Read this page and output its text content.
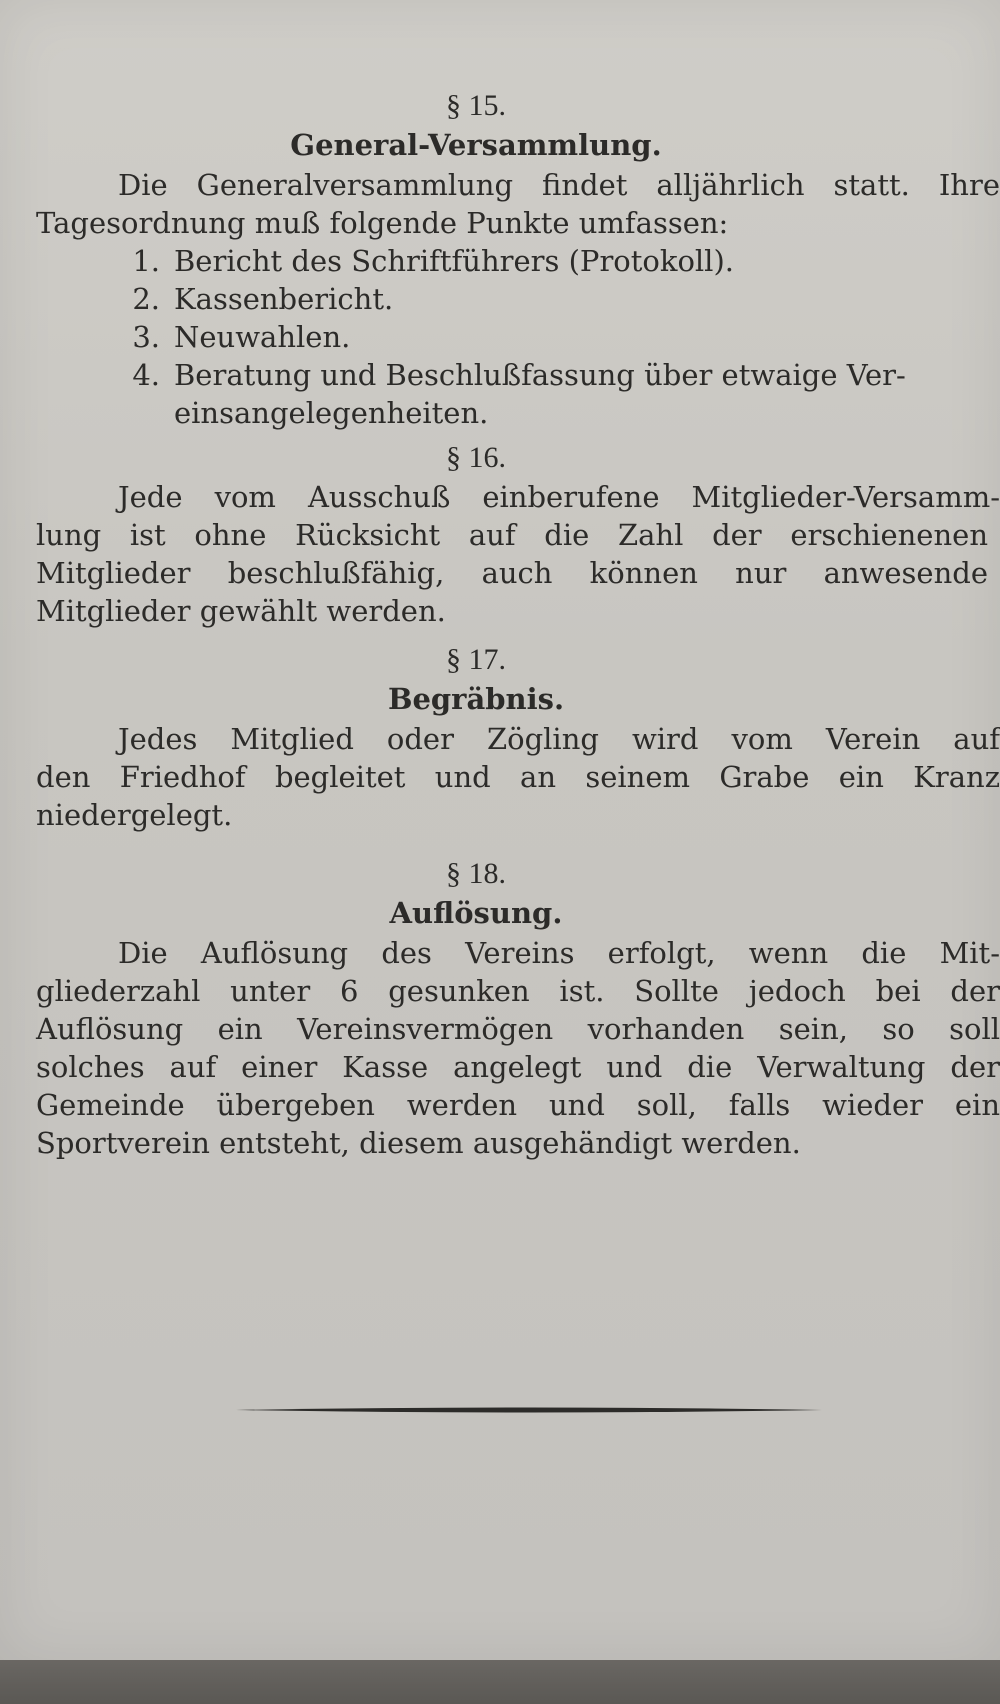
§ 15.
General-Versammlung.
Die Generalversammlung findet alljährlich statt. Ihre
Tagesordnung muß folgende Punkte umfassen:
1. Bericht des Schriftführers (Protokoll).
2. Kassenbericht.
3. Neuwahlen.
4. Beratung und Beschlußfassung über etwaige Ver-
einsangelegenheiten.
§ 16.
Jede vom Ausschuß einberufene Mitglieder-Versamm-
lung ist ohne Rücksicht auf die Zahl der erschienenen
Mitglieder beschlußfähig, auch können nur anwesende
Mitglieder gewählt werden.
§ 17.
Begräbnis.
Jedes Mitglied oder Zögling wird vom Verein auf
den Friedhof begleitet und an seinem Grabe ein Kranz
niedergelegt.
§ 18.
Auflösung.
Die Auflösung des Vereins erfolgt, wenn die Mit-
gliederzahl unter 6 gesunken ist. Sollte jedoch bei der
Auflösung ein Vereinsvermögen vorhanden sein, so soll
solches auf einer Kasse angelegt und die Verwaltung der
Gemeinde übergeben werden und soll, falls wieder ein
Sportverein entsteht, diesem ausgehändigt werden.
